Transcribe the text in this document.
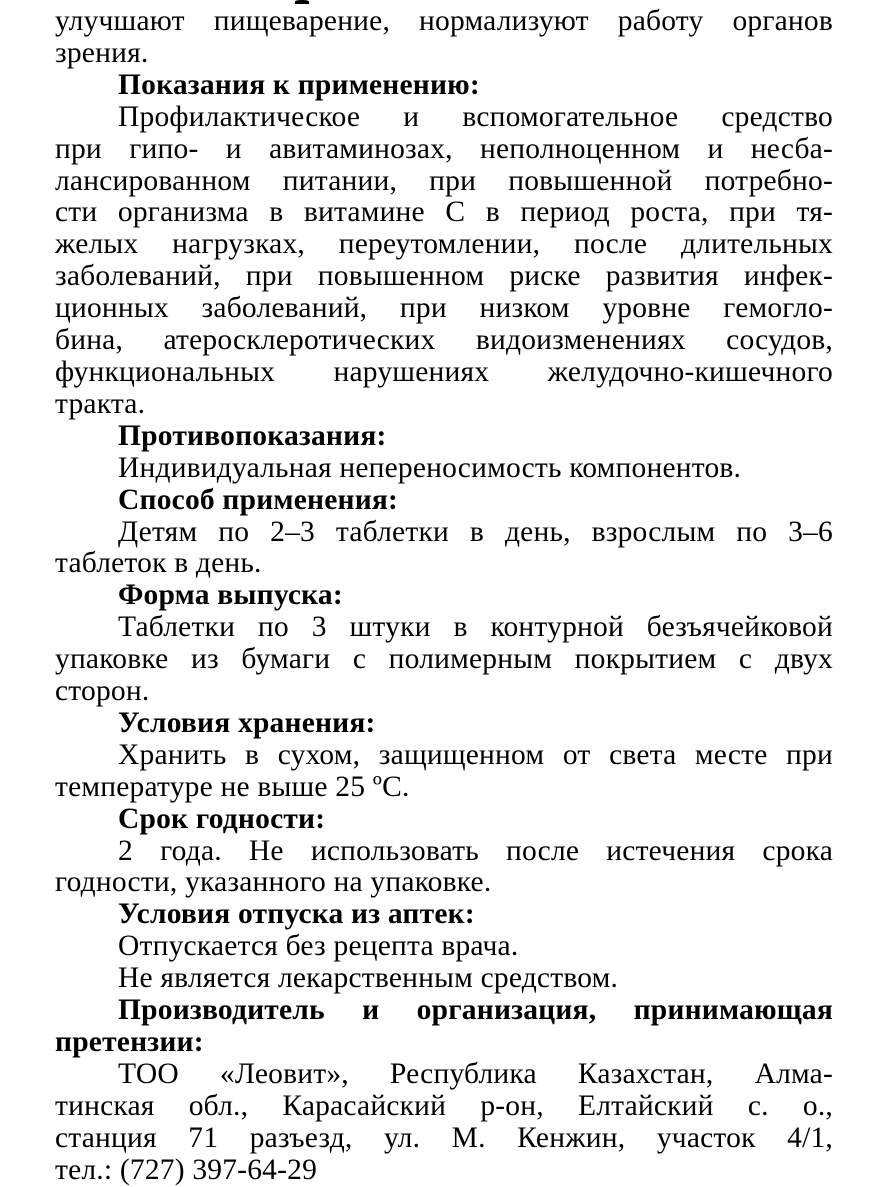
улучшают пищеварение, нормализуют работу органов
зрения.
Показания к применению:
Профилактическое и вспомогательное средство
при гипо- и авитаминозах, неполноценном и несба-
лансированном питании, при повышенной потребно-
сти организма в витамине С в период роста, при тя-
желых нагрузках, переутомлении, после длительных
заболеваний, при повышенном риске развития инфек-
ционных заболеваний, при низком уровне гемогло-
бина, атеросклеротических видоизменениях сосудов,
функциональных нарушениях желудочно-кишечного
тракта.
Противопоказания:
Индивидуальная непереносимость компонентов.
Способ применения:
Детям по 2–3 таблетки в день, взрослым по 3–6
таблеток в день.
Форма выпуска:
Таблетки по 3 штуки в контурной безъячейковой
упаковке из бумаги с полимерным покрытием с двух
сторон.
Условия хранения:
Хранить в сухом, защищенном от света месте при
температуре не выше 25 ºС.
Срок годности:
2 года. Не использовать после истечения срока
годности, указанного на упаковке.
Условия отпуска из аптек:
Отпускается без рецепта врача.
Не является лекарственным средством.
Производитель и организация, принимающая
претензии:
ТОО «Леовит», Республика Казахстан, Алма-
тинская обл., Карасайский р-он, Елтайский с. о.,
станция 71 разъезд, ул. М. Кенжин, участок 4/1,
тел.: (727) 397-64-29
